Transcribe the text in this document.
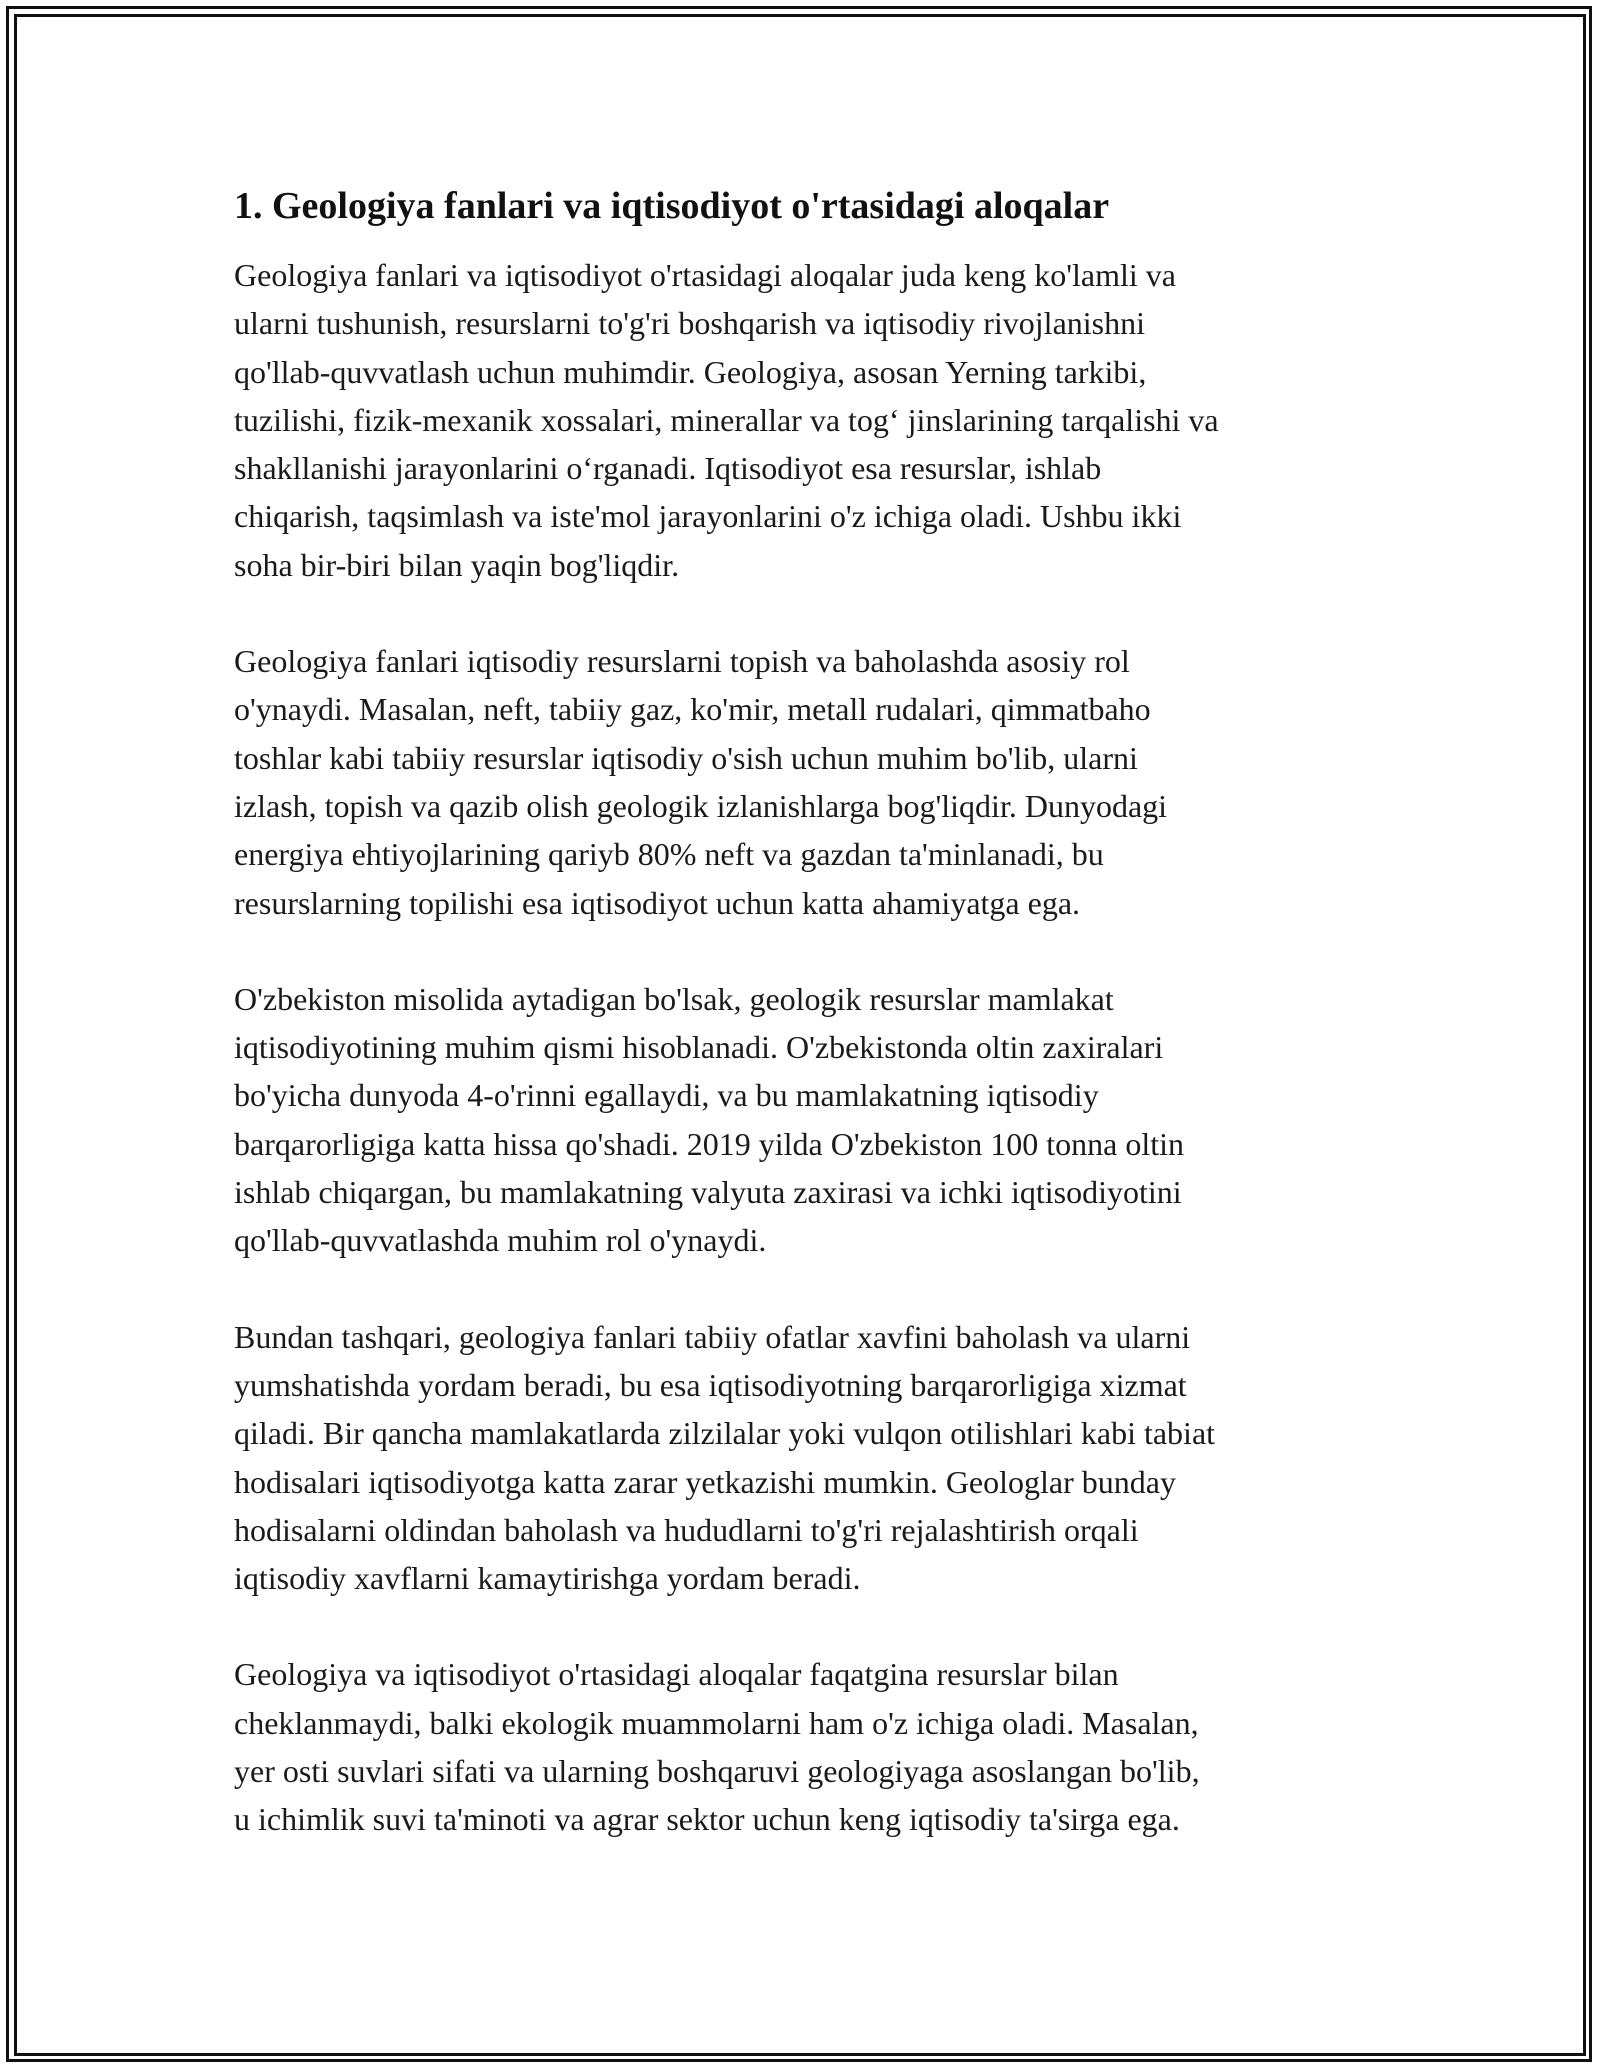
1. Geologiya fanlari va iqtisodiyot o'rtasidagi aloqalar

Geologiya fanlari va iqtisodiyot o'rtasidagi aloqalar juda keng ko'lamli va
ularni tushunish, resurslarni to'g'ri boshqarish va iqtisodiy rivojlanishni
qo'llab-quvvatlash uchun muhimdir. Geologiya, asosan Yerning tarkibi,
tuzilishi, fizik-mexanik xossalari, minerallar va tog‘ jinslarining tarqalishi va
shakllanishi jarayonlarini o‘rganadi. Iqtisodiyot esa resurslar, ishlab
chiqarish, taqsimlash va iste'mol jarayonlarini o'z ichiga oladi. Ushbu ikki
soha bir-biri bilan yaqin bog'liqdir.

Geologiya fanlari iqtisodiy resurslarni topish va baholashda asosiy rol
o'ynaydi. Masalan, neft, tabiiy gaz, ko'mir, metall rudalari, qimmatbaho
toshlar kabi tabiiy resurslar iqtisodiy o'sish uchun muhim bo'lib, ularni
izlash, topish va qazib olish geologik izlanishlarga bog'liqdir. Dunyodagi
energiya ehtiyojlarining qariyb 80% neft va gazdan ta'minlanadi, bu
resurslarning topilishi esa iqtisodiyot uchun katta ahamiyatga ega.

O'zbekiston misolida aytadigan bo'lsak, geologik resurslar mamlakat
iqtisodiyotining muhim qismi hisoblanadi. O'zbekistonda oltin zaxiralari
bo'yicha dunyoda 4-o'rinni egallaydi, va bu mamlakatning iqtisodiy
barqarorligiga katta hissa qo'shadi. 2019 yilda O'zbekiston 100 tonna oltin
ishlab chiqargan, bu mamlakatning valyuta zaxirasi va ichki iqtisodiyotini
qo'llab-quvvatlashda muhim rol o'ynaydi.

Bundan tashqari, geologiya fanlari tabiiy ofatlar xavfini baholash va ularni
yumshatishda yordam beradi, bu esa iqtisodiyotning barqarorligiga xizmat
qiladi. Bir qancha mamlakatlarda zilzilalar yoki vulqon otilishlari kabi tabiat
hodisalari iqtisodiyotga katta zarar yetkazishi mumkin. Geologlar bunday
hodisalarni oldindan baholash va hududlarni to'g'ri rejalashtirish orqali
iqtisodiy xavflarni kamaytirishga yordam beradi.

Geologiya va iqtisodiyot o'rtasidagi aloqalar faqatgina resurslar bilan
cheklanmaydi, balki ekologik muammolarni ham o'z ichiga oladi. Masalan,
yer osti suvlari sifati va ularning boshqaruvi geologiyaga asoslangan bo'lib,
u ichimlik suvi ta'minoti va agrar sektor uchun keng iqtisodiy ta'sirga ega.
